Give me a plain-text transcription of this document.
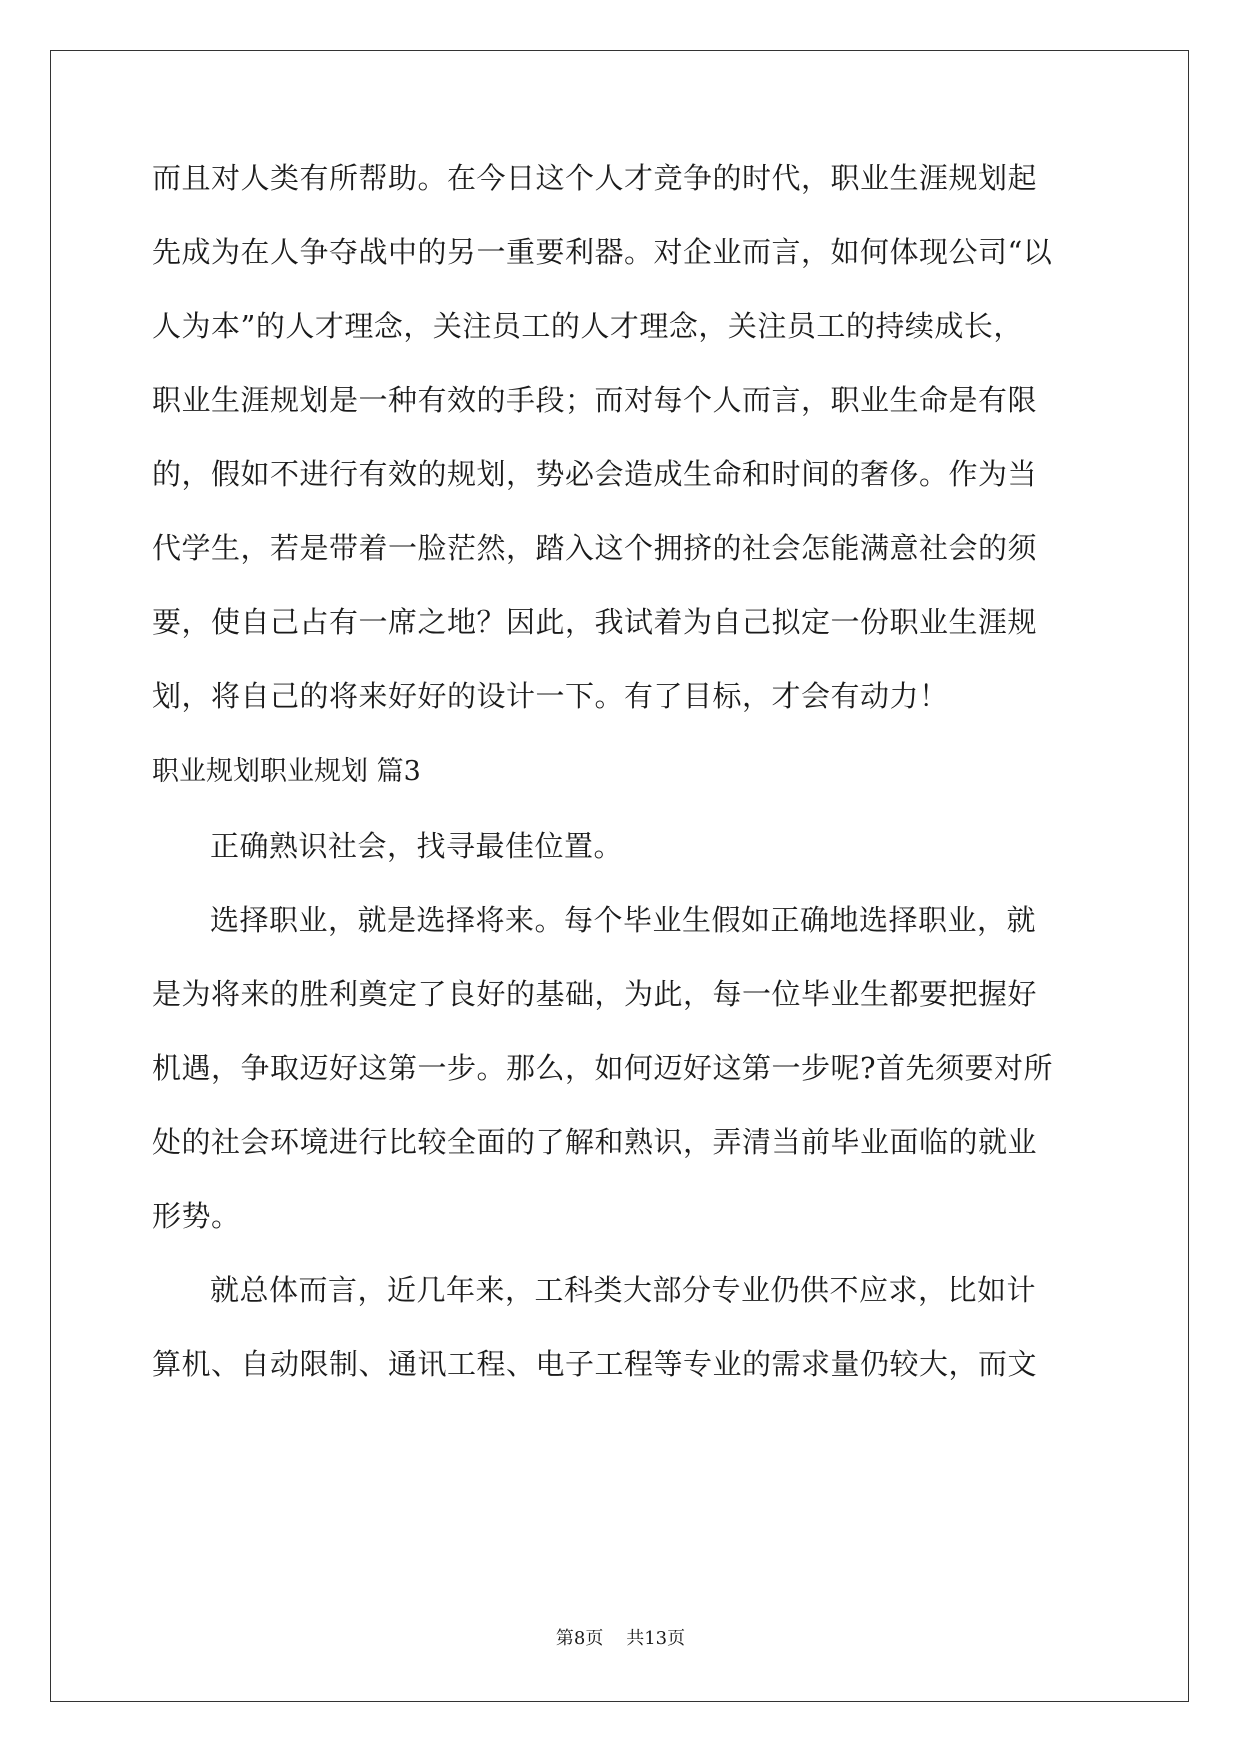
而且对人类有所帮助。在今日这个人才竞争的时代，职业生涯规划起
先成为在人争夺战中的另一重要利器。对企业而言，如何体现公司“以
人为本”的人才理念，关注员工的人才理念，关注员工的持续成长，
职业生涯规划是一种有效的手段；而对每个人而言，职业生命是有限
的，假如不进行有效的规划，势必会造成生命和时间的奢侈。作为当
代学生，若是带着一脸茫然，踏入这个拥挤的社会怎能满意社会的须
要，使自己占有一席之地？因此，我试着为自己拟定一份职业生涯规
划，将自己的将来好好的设计一下。有了目标，才会有动力！
职业规划职业规划 篇3
正确熟识社会，找寻最佳位置。
选择职业，就是选择将来。每个毕业生假如正确地选择职业，就
是为将来的胜利奠定了良好的基础，为此，每一位毕业生都要把握好
机遇，争取迈好这第一步。那么，如何迈好这第一步呢?首先须要对所
处的社会环境进行比较全面的了解和熟识，弄清当前毕业面临的就业
形势。
就总体而言，近几年来，工科类大部分专业仍供不应求，比如计
算机、自动限制、通讯工程、电子工程等专业的需求量仍较大，而文
第8页    共13页
